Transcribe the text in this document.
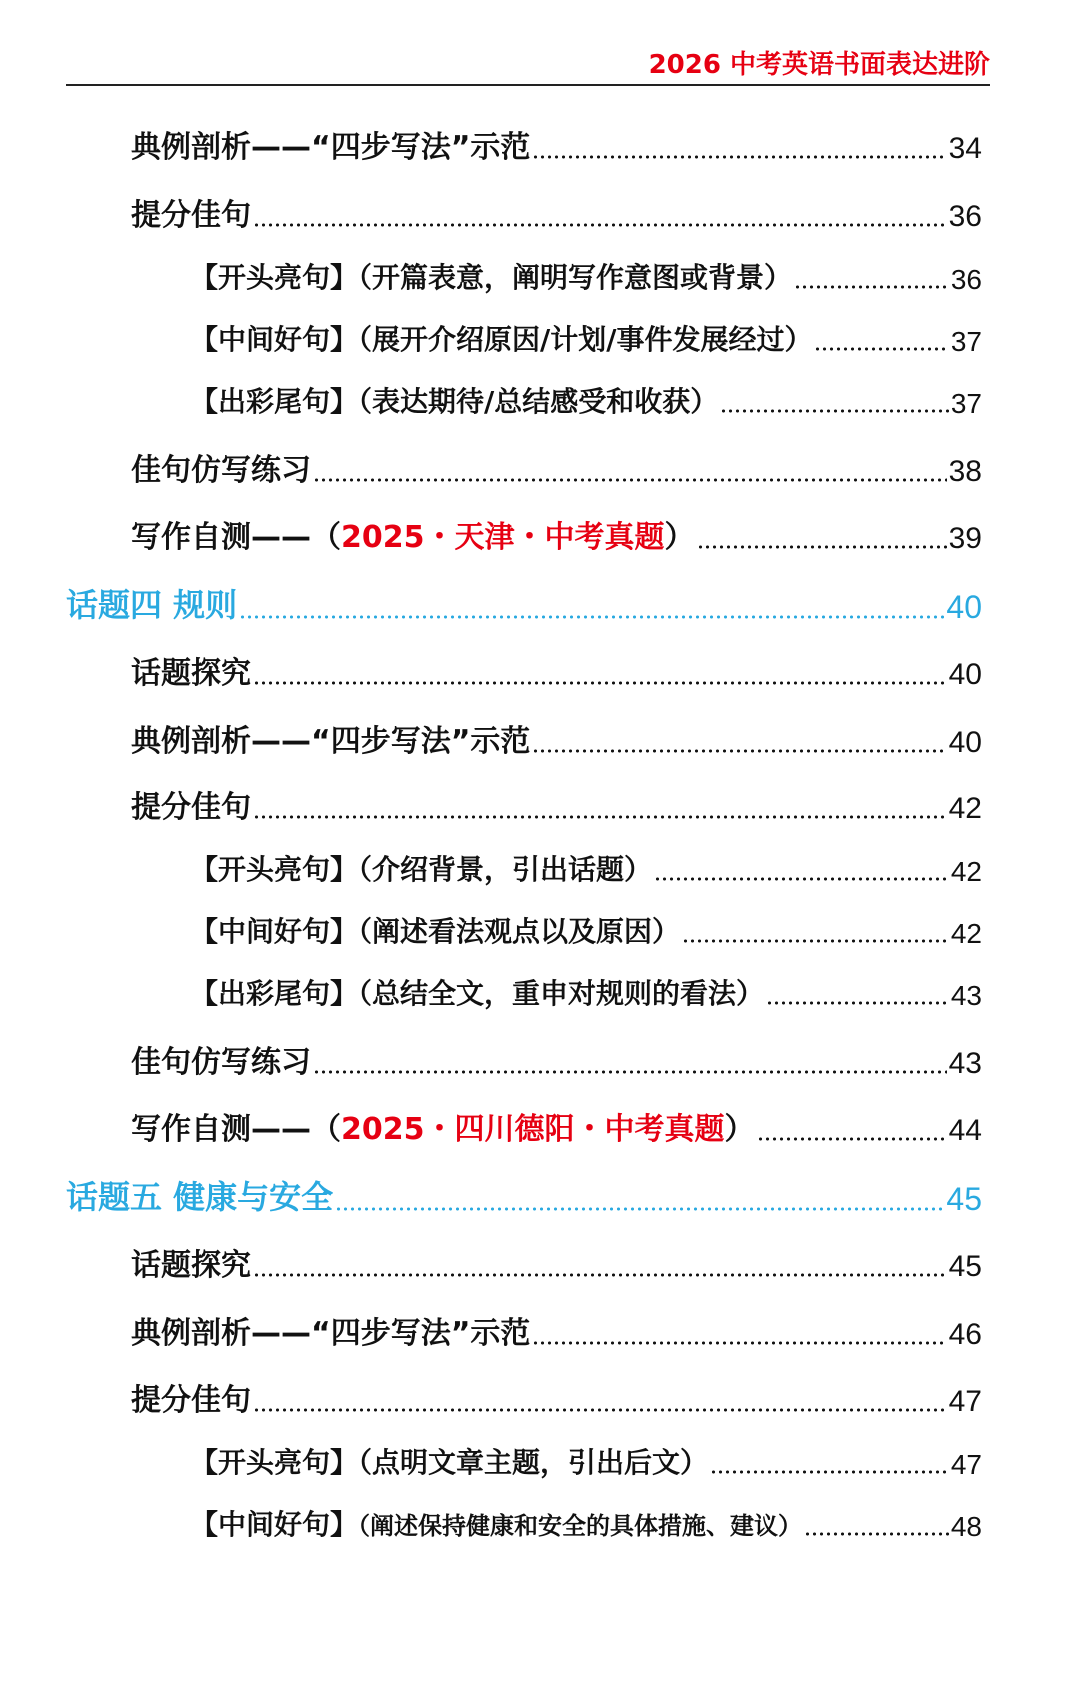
2026 中考英语书面表达进阶
典例剖析——“四步写法”示范	34
提分佳句	36
【开头亮句】（开篇表意，阐明写作意图或背景）	36
【中间好句】（展开介绍原因/计划/事件发展经过）	37
【出彩尾句】（表达期待/总结感受和收获）	37
佳句仿写练习	38
写作自测——（2025・天津・中考真题）	39
话题四 规则	40
话题探究	40
典例剖析——“四步写法”示范	40
提分佳句	42
【开头亮句】（介绍背景，引出话题）	42
【中间好句】（阐述看法观点以及原因）	42
【出彩尾句】（总结全文，重申对规则的看法）	43
佳句仿写练习	43
写作自测——（2025・四川德阳・中考真题）	44
话题五 健康与安全	45
话题探究	45
典例剖析——“四步写法”示范	46
提分佳句	47
【开头亮句】（点明文章主题，引出后文）	47
【中间好句】（阐述保持健康和安全的具体措施、建议）	48
